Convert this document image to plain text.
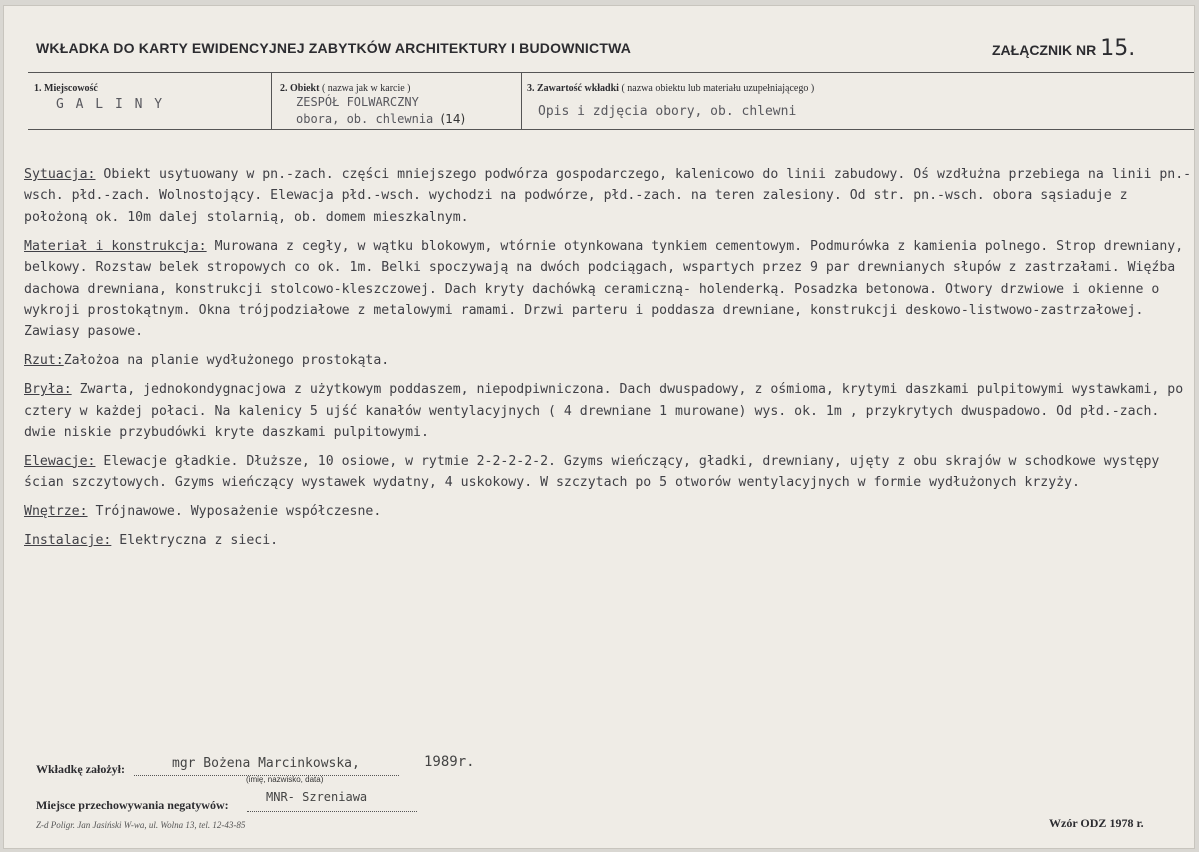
WKŁADKA DO KARTY EWIDENCYJNEJ ZABYTKÓW ARCHITEKTURY I BUDOWNICTWA	ZAŁĄCZNIK NR 15.
1. Miejscowość
G A L I N Y
2. Obiekt ( nazwa jak w karcie )
ZESPÓŁ FOLWARCZNY
obora, ob. chlewnia (14)
3. Zawartość wkładki ( nazwa obiektu lub materiału uzupełniającego )
Opis i zdjęcia obory, ob. chlewni

Sytuacja: Obiekt usytuowany w pn.-zach. części mniejszego podwórza gospodarczego, kalenicowo do linii zabudowy. Oś wzdłużna przebiega na linii pn.-wsch. płd.-zach. Wolnostojący. Elewacja płd.-wsch. wychodzi na podwórze, płd.-zach. na teren zalesiony. Od str. pn.-wsch. obora sąsiaduje z położoną ok. 10m dalej stolarnią, ob. domem mieszkalnym.

Materiał i konstrukcja: Murowana z cegły, w wątku blokowym, wtórnie otynkowana tynkiem cementowym. Podmurówka z kamienia polnego. Strop drewniany, belkowy. Rozstaw belek stropowych co ok. 1m. Belki spoczywają na dwóch podciągach, wspartych przez 9 par drewnianych słupów z zastrzałami. Więźba dachowa drewniana, konstrukcji stolcowo-kleszczowej. Dach kryty dachówką ceramiczną- holenderką. Posadzka betonowa. Otwory drzwiowe i okienne o wykroji prostokątnym. Okna trójpodziałowe z metalowymi ramami. Drzwi parteru i poddasza drewniane, konstrukcji deskowo-listwowo-zastrzałowej. Zawiasy pasowe.

Rzut:Założoa na planie wydłużonego prostokąta.

Bryła: Zwarta, jednokondygnacjowa z użytkowym poddaszem, niepodpiwniczona. Dach dwuspadowy, z ośmioma, krytymi daszkami pulpitowymi wystawkami, po cztery w każdej połaci. Na kalenicy 5 ujść kanałów wentylacyjnych ( 4 drewniane 1 murowane) wys. ok. 1m , przykrytych dwuspadowo. Od płd.-zach. dwie niskie przybudówki kryte daszkami pulpitowymi.

Elewacje: Elewacje gładkie. Dłuższe, 10 osiowe, w rytmie 2-2-2-2-2. Gzyms wieńczący, gładki, drewniany, ujęty z obu skrajów w schodkowe występy ścian szczytowych. Gzyms wieńczący wystawek wydatny, 4 uskokowy. W szczytach po 5 otworów wentylacyjnych w formie wydłużonych krzyży.

Wnętrze: Trójnawowe. Wyposażenie współczesne.

Instalacje: Elektryczna z sieci.

Wkładkę założył:	mgr Bożena Marcinkowska,	1989r.
(imię, nazwisko, data)
Miejsce przechowywania negatywów:
MNR- Szreniawa
Z-d Poligr. Jan Jasiński W-wa, ul. Wolna 13, tel. 12-43-85	Wzór ODZ 1978 r.
